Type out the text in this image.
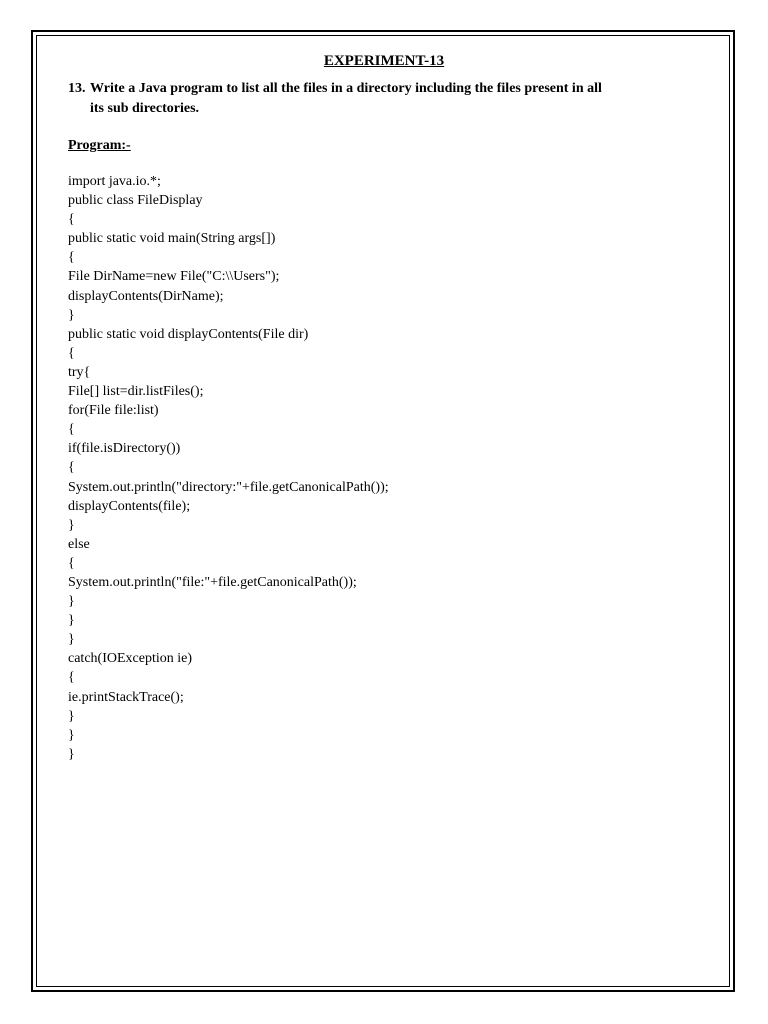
EXPERIMENT-13
13. Write a Java program to list all the files in a directory including the files present in all
its sub directories.
Program:-
import java.io.*;
public class FileDisplay
{
public static void main(String args[])
{
File DirName=new File("C:\\Users");
displayContents(DirName);
}
public static void displayContents(File dir)
{
try{
File[] list=dir.listFiles();
for(File file:list)
{
if(file.isDirectory())
{
System.out.println("directory:"+file.getCanonicalPath());
displayContents(file);
}
else
{
System.out.println("file:"+file.getCanonicalPath());
}
}
}
catch(IOException ie)
{
ie.printStackTrace();
}
}
}
